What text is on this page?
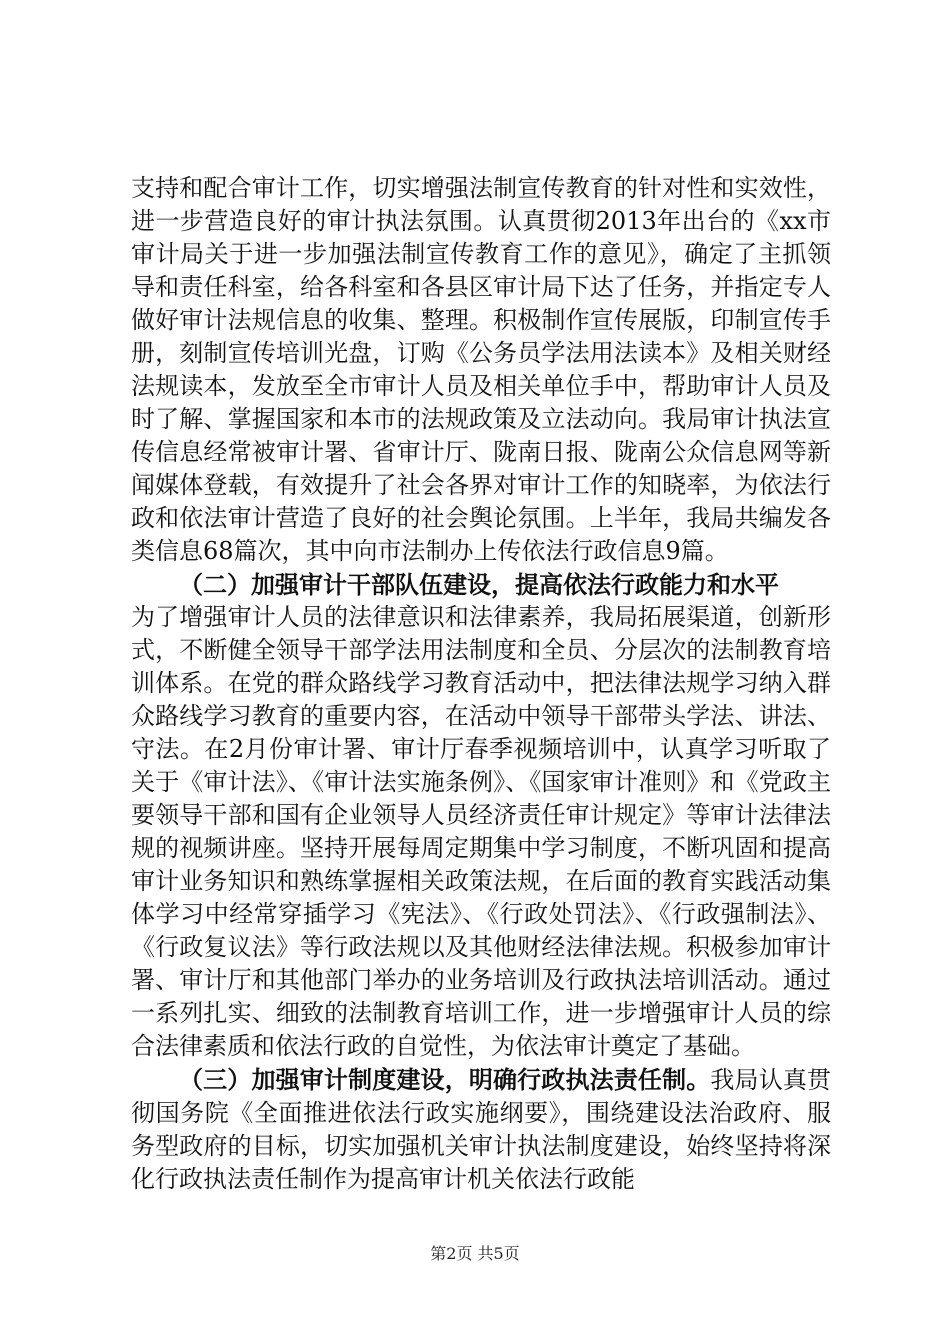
支持和配合审计工作，切实增强法制宣传教育的针对性和实效性，进一步营造良好的审计执法氛围。认真贯彻2013年出台的《xx市审计局关于进一步加强法制宣传教育工作的意见》，确定了主抓领导和责任科室，给各科室和各县区审计局下达了任务，并指定专人做好审计法规信息的收集、整理。积极制作宣传展版，印制宣传手册，刻制宣传培训光盘，订购《公务员学法用法读本》及相关财经法规读本，发放至全市审计人员及相关单位手中，帮助审计人员及时了解、掌握国家和本市的法规政策及立法动向。我局审计执法宣传信息经常被审计署、省审计厅、陇南日报、陇南公众信息网等新闻媒体登载，有效提升了社会各界对审计工作的知晓率，为依法行政和依法审计营造了良好的社会舆论氛围。上半年，我局共编发各类信息68篇次，其中向市法制办上传依法行政信息9篇。

（二）加强审计干部队伍建设，提高依法行政能力和水平

为了增强审计人员的法律意识和法律素养，我局拓展渠道，创新形式，不断健全领导干部学法用法制度和全员、分层次的法制教育培训体系。在党的群众路线学习教育活动中，把法律法规学习纳入群众路线学习教育的重要内容，在活动中领导干部带头学法、讲法、守法。在2月份审计署、审计厅春季视频培训中，认真学习听取了关于《审计法》、《审计法实施条例》、《国家审计准则》和《党政主要领导干部和国有企业领导人员经济责任审计规定》等审计法律法规的视频讲座。坚持开展每周定期集中学习制度，不断巩固和提高审计业务知识和熟练掌握相关政策法规，在后面的教育实践活动集体学习中经常穿插学习《宪法》、《行政处罚法》、《行政强制法》、《行政复议法》等行政法规以及其他财经法律法规。积极参加审计署、审计厅和其他部门举办的业务培训及行政执法培训活动。通过一系列扎实、细致的法制教育培训工作，进一步增强审计人员的综合法律素质和依法行政的自觉性，为依法审计奠定了基础。

（三）加强审计制度建设，明确行政执法责任制。我局认真贯彻国务院《全面推进依法行政实施纲要》，围绕建设法治政府、服务型政府的目标，切实加强机关审计执法制度建设，始终坚持将深化行政执法责任制作为提高审计机关依法行政能

第2页 共5页
